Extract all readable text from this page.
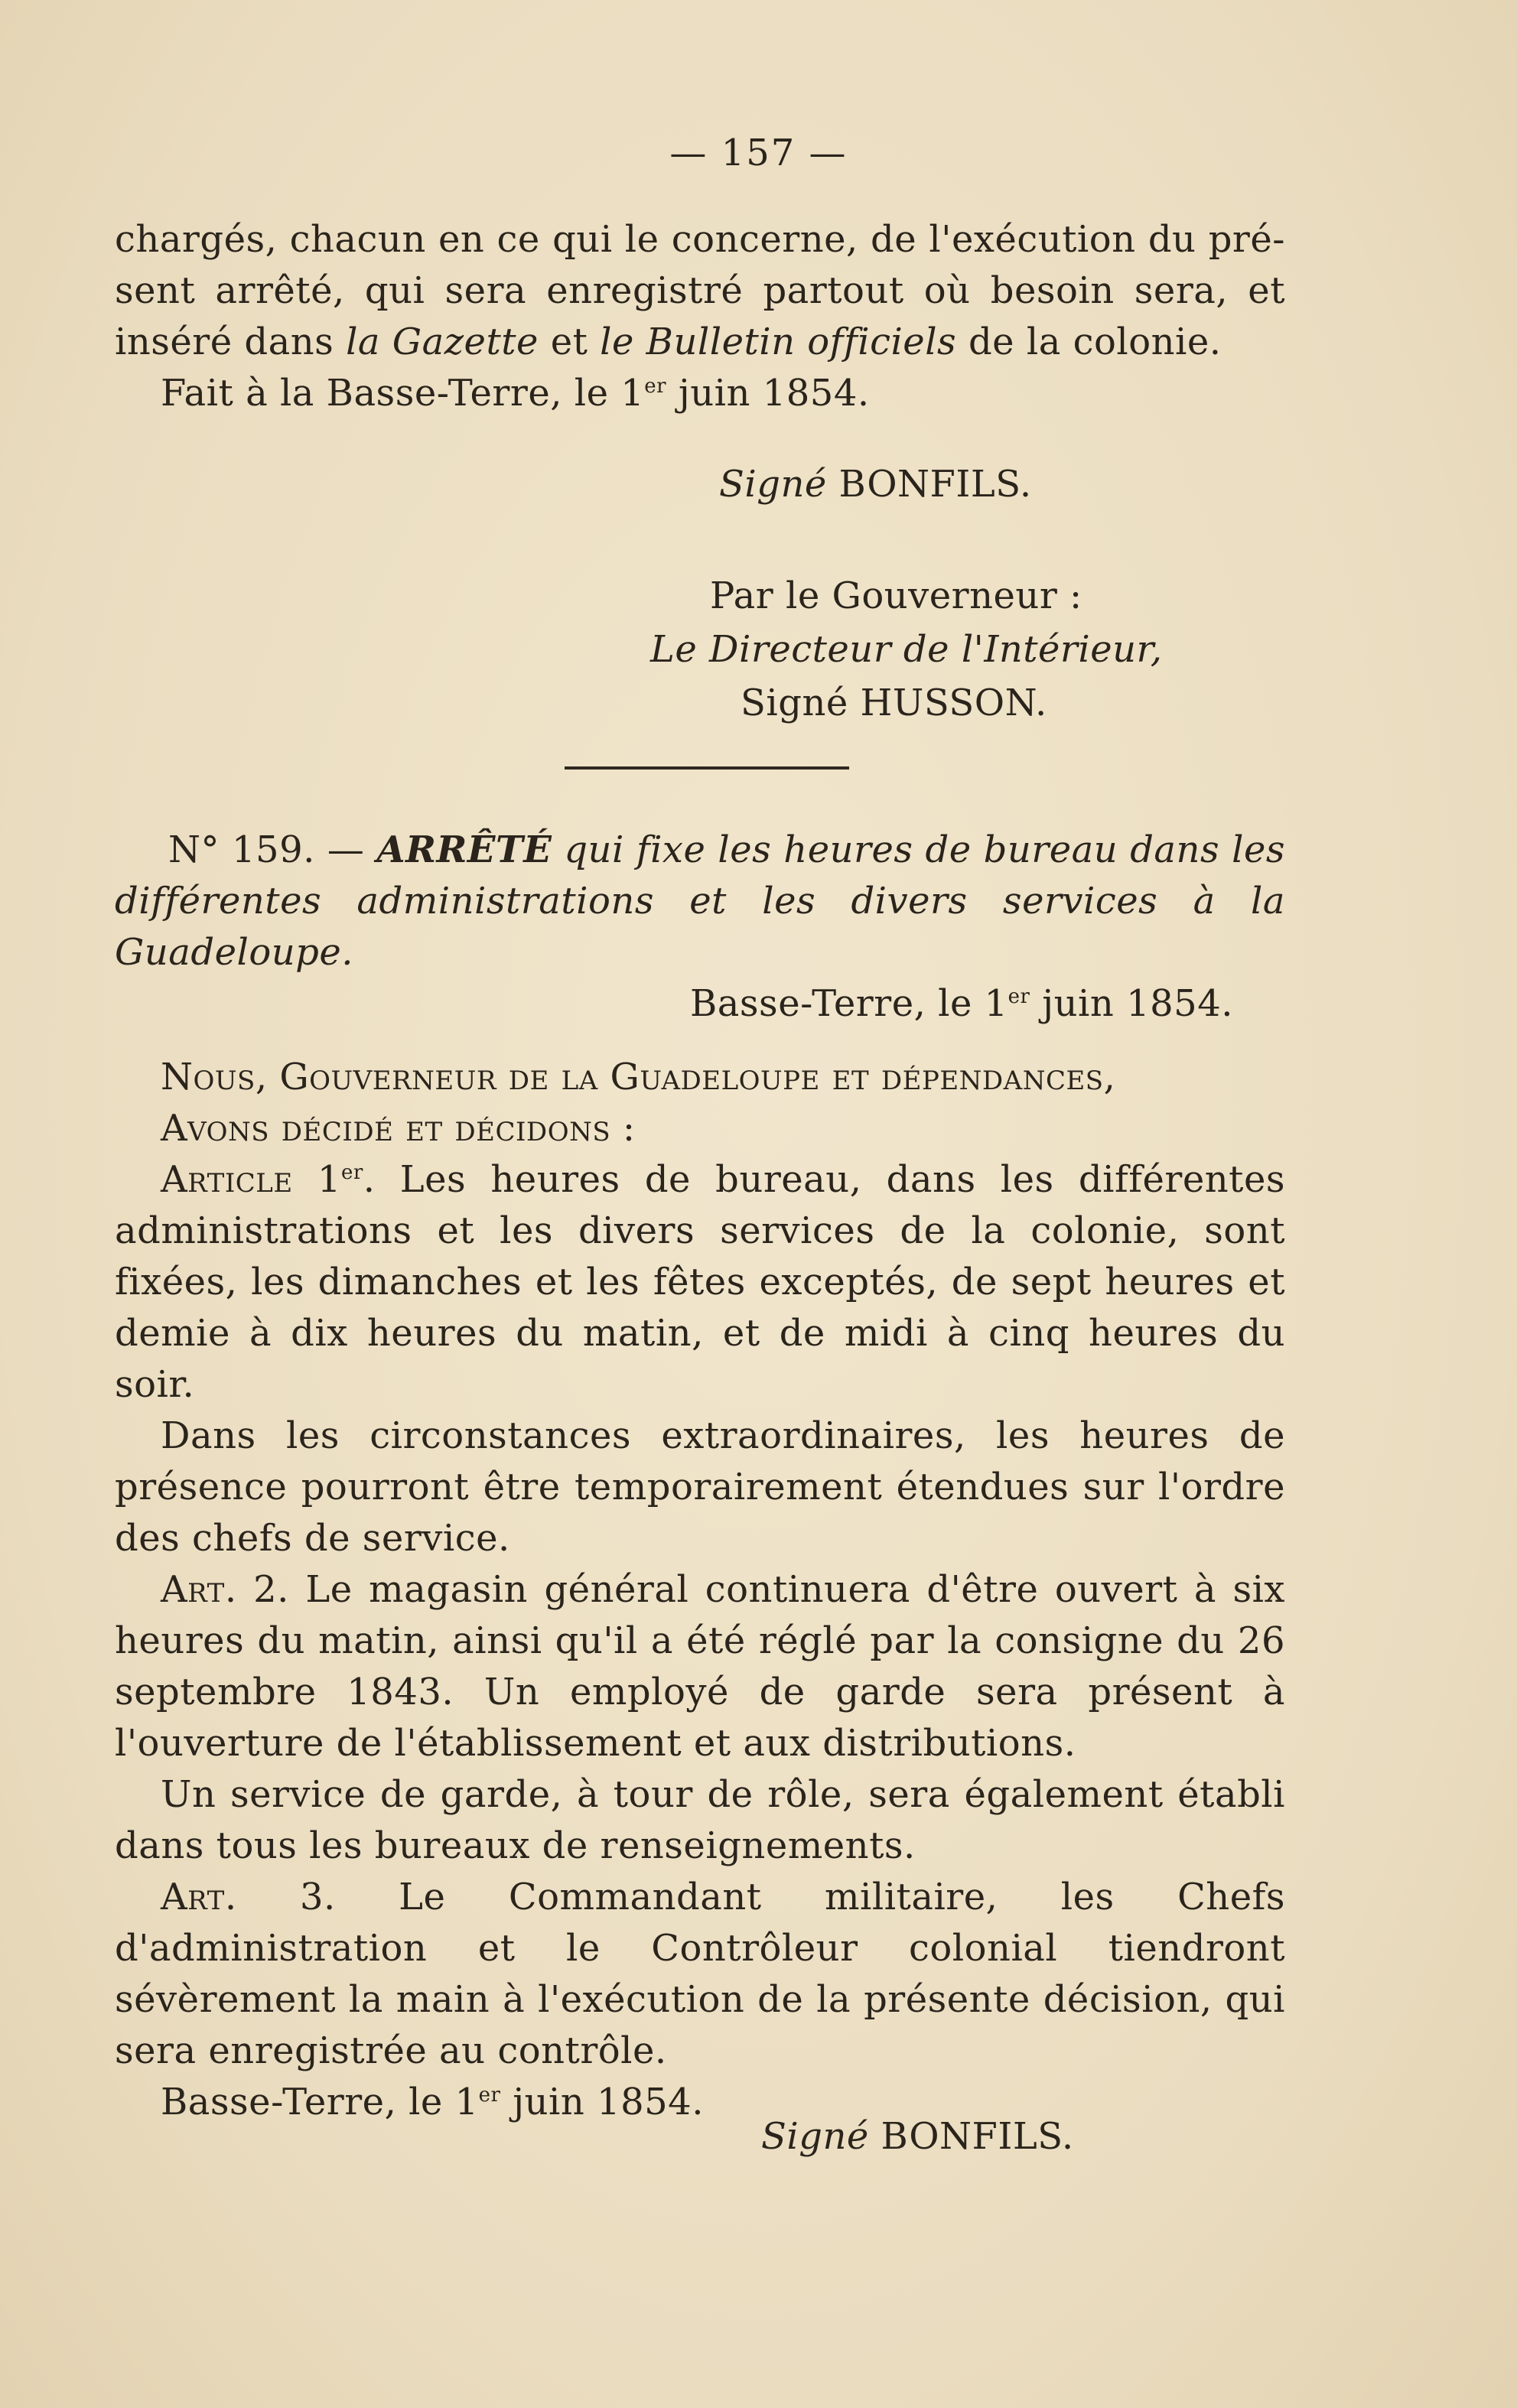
— 157 —

chargés, chacun en ce qui le concerne, de l'exécution du pré-

sent arrêté, qui sera enregistré partout où besoin sera, et

inséré dans la Gazette et le Bulletin officiels de la colonie.

Fait à la Basse-Terre, le 1er juin 1854.

Signé BONFILS.

Par le Gouverneur :

Le Directeur de l'Intérieur,

Signé HUSSON.

N° 159. — ARRÊTÉ qui fixe les heures de bureau dans les différentes administrations et les divers services à la Guadeloupe.

Basse-Terre, le 1er juin 1854.

Nous, Gouverneur de la Guadeloupe et dépendances,

Avons décidé et décidons :

Article 1er. Les heures de bureau, dans les différentes administrations et les divers services de la colonie, sont fixées, les dimanches et les fêtes exceptés, de sept heures et demie à dix heures du matin, et de midi à cinq heures du soir.

Dans les circonstances extraordinaires, les heures de présence pourront être temporairement étendues sur l'ordre des chefs de service.

Art. 2. Le magasin général continuera d'être ouvert à six heures du matin, ainsi qu'il a été réglé par la consigne du 26 septembre 1843. Un employé de garde sera présent à l'ouverture de l'établissement et aux distributions.

Un service de garde, à tour de rôle, sera également établi dans tous les bureaux de renseignements.

Art. 3. Le Commandant militaire, les Chefs d'administration et le Contrôleur colonial tiendront sévèrement la main à l'exécution de la présente décision, qui sera enregistrée au contrôle.

Basse-Terre, le 1er juin 1854.

Signé BONFILS.
